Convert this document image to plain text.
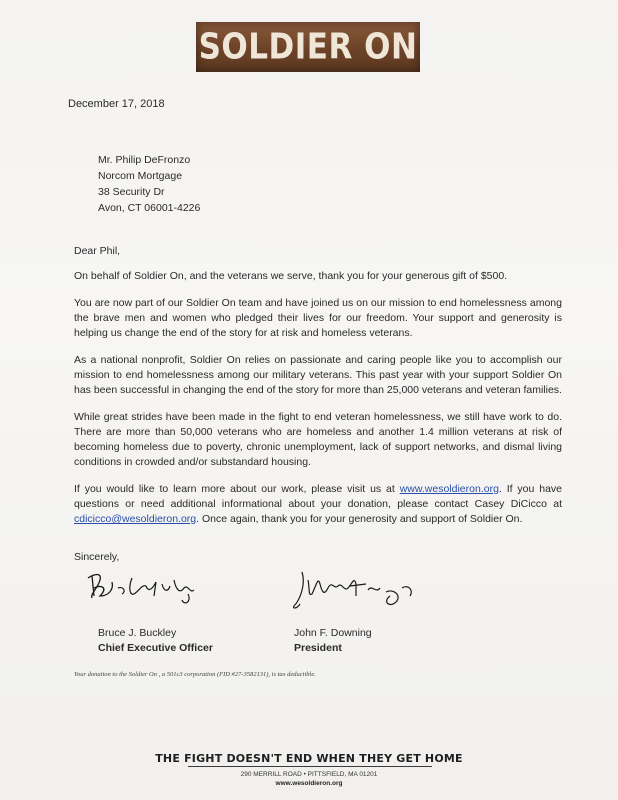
SOLDIER ON
December 17, 2018
Mr. Philip DeFronzo
Norcom Mortgage
38 Security Dr
Avon, CT 06001-4226

Dear Phil,

On behalf of Soldier On, and the veterans we serve, thank you for your generous gift of $500.

You are now part of our Soldier On team and have joined us on our mission to end homelessness among the brave men and women who pledged their lives for our freedom. Your support and generosity is helping us change the end of the story for at risk and homeless veterans.

As a national nonprofit, Soldier On relies on passionate and caring people like you to accomplish our mission to end homelessness among our military veterans. This past year with your support Soldier On has been successful in changing the end of the story for more than 25,000 veterans and veteran families.

While great strides have been made in the fight to end veteran homelessness, we still have work to do. There are more than 50,000 veterans who are homeless and another 1.4 million veterans at risk of becoming homeless due to poverty, chronic unemployment, lack of support networks, and dismal living conditions in crowded and/or substandard housing.

If you would like to learn more about our work, please visit us at www.wesoldieron.org. If you have questions or need additional informational about your donation, please contact Casey DiCicco at cdicicco@wesoldieron.org. Once again, thank you for your generosity and support of Soldier On.

Sincerely,
Bruce J. Buckley
Chief Executive Officer
John F. Downing
President
Your donation to the Soldier On , a 501c3 corporation (FID #27-3582131), is tax deductible.
THE FIGHT DOESN'T END WHEN THEY GET HOME
290 MERRILL ROAD • PITTSFIELD, MA 01201
www.wesoldieron.org
